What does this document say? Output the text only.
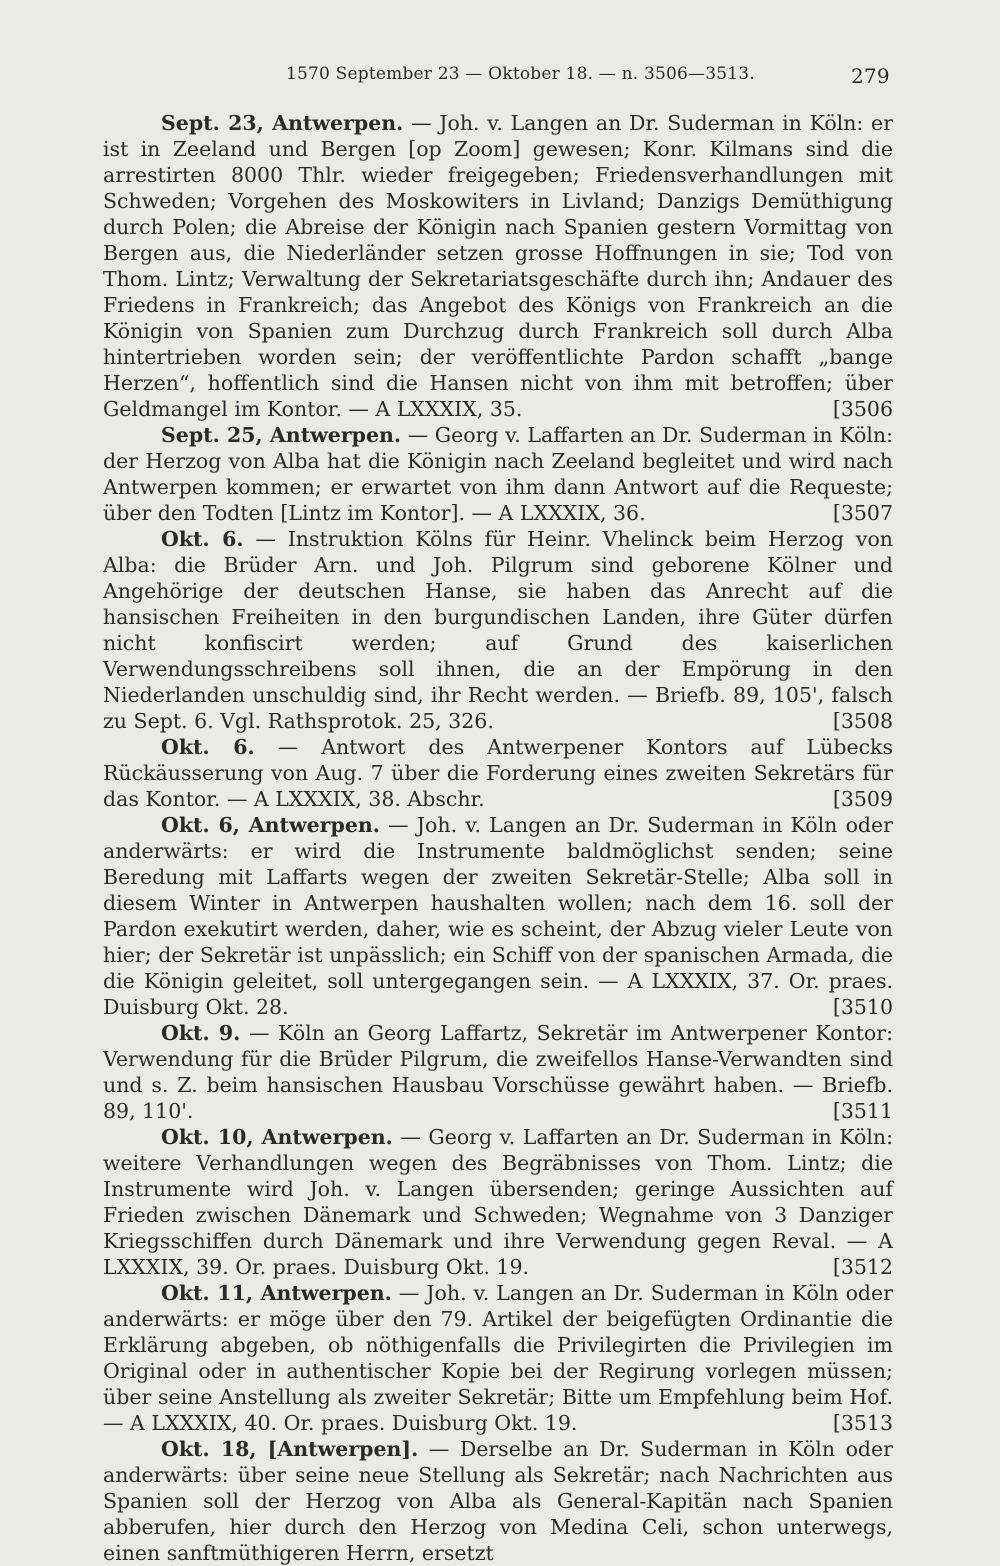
1570 September 23 — Oktober 18. — n. 3506—3513.	279

Sept. 23, Antwerpen. — Joh. v. Langen an Dr. Suderman in Köln: er ist in Zeeland und Bergen [op Zoom] gewesen; Konr. Kilmans sind die arrestirten 8000 Thlr. wieder freigegeben; Friedensverhandlungen mit Schweden; Vorgehen des Moskowiters in Livland; Danzigs Demüthigung durch Polen; die Abreise der Königin nach Spanien gestern Vormittag von Bergen aus, die Niederländer setzen grosse Hoffnungen in sie; Tod von Thom. Lintz; Verwaltung der Sekretariatsgeschäfte durch ihn; Andauer des Friedens in Frankreich; das Angebot des Königs von Frankreich an die Königin von Spanien zum Durchzug durch Frankreich soll durch Alba hintertrieben worden sein; der veröffentlichte Pardon schafft „bange Herzen“, hoffentlich sind die Hansen nicht von ihm mit betroffen; über Geldmangel im Kontor. — A LXXXIX, 35.	[3506

Sept. 25, Antwerpen. — Georg v. Laffarten an Dr. Suderman in Köln: der Herzog von Alba hat die Königin nach Zeeland begleitet und wird nach Antwerpen kommen; er erwartet von ihm dann Antwort auf die Requeste; über den Todten [Lintz im Kontor]. — A LXXXIX, 36.	[3507

Okt. 6. — Instruktion Kölns für Heinr. Vhelinck beim Herzog von Alba: die Brüder Arn. und Joh. Pilgrum sind geborene Kölner und Angehörige der deutschen Hanse, sie haben das Anrecht auf die hansischen Freiheiten in den burgundischen Landen, ihre Güter dürfen nicht konfiscirt werden; auf Grund des kaiserlichen Verwendungsschreibens soll ihnen, die an der Empörung in den Niederlanden unschuldig sind, ihr Recht werden. — Briefb. 89, 105', falsch zu Sept. 6. Vgl. Rathsprotok. 25, 326.	[3508

Okt. 6. — Antwort des Antwerpener Kontors auf Lübecks Rückäusserung von Aug. 7 über die Forderung eines zweiten Sekretärs für das Kontor. — A LXXXIX, 38. Abschr.	[3509

Okt. 6, Antwerpen. — Joh. v. Langen an Dr. Suderman in Köln oder anderwärts: er wird die Instrumente baldmöglichst senden; seine Beredung mit Laffarts wegen der zweiten Sekretär-Stelle; Alba soll in diesem Winter in Antwerpen haushalten wollen; nach dem 16. soll der Pardon exekutirt werden, daher, wie es scheint, der Abzug vieler Leute von hier; der Sekretär ist unpässlich; ein Schiff von der spanischen Armada, die die Königin geleitet, soll untergegangen sein. — A LXXXIX, 37. Or. praes. Duisburg Okt. 28.	[3510

Okt. 9. — Köln an Georg Laffartz, Sekretär im Antwerpener Kontor: Verwendung für die Brüder Pilgrum, die zweifellos Hanse-Verwandten sind und s. Z. beim hansischen Hausbau Vorschüsse gewährt haben. — Briefb. 89, 110'.	[3511

Okt. 10, Antwerpen. — Georg v. Laffarten an Dr. Suderman in Köln: weitere Verhandlungen wegen des Begräbnisses von Thom. Lintz; die Instrumente wird Joh. v. Langen übersenden; geringe Aussichten auf Frieden zwischen Dänemark und Schweden; Wegnahme von 3 Danziger Kriegsschiffen durch Dänemark und ihre Verwendung gegen Reval. — A LXXXIX, 39. Or. praes. Duisburg Okt. 19.	[3512

Okt. 11, Antwerpen. — Joh. v. Langen an Dr. Suderman in Köln oder anderwärts: er möge über den 79. Artikel der beigefügten Ordinantie die Erklärung abgeben, ob nöthigenfalls die Privilegirten die Privilegien im Original oder in authentischer Kopie bei der Regirung vorlegen müssen; über seine Anstellung als zweiter Sekretär; Bitte um Empfehlung beim Hof. — A LXXXIX, 40. Or. praes. Duisburg Okt. 19.	[3513

Okt. 18, [Antwerpen]. — Derselbe an Dr. Suderman in Köln oder anderwärts: über seine neue Stellung als Sekretär; nach Nachrichten aus Spanien soll der Herzog von Alba als General-Kapitän nach Spanien abberufen, hier durch den Herzog von Medina Celi, schon unterwegs, einen sanftmüthigeren Herrn, ersetzt
